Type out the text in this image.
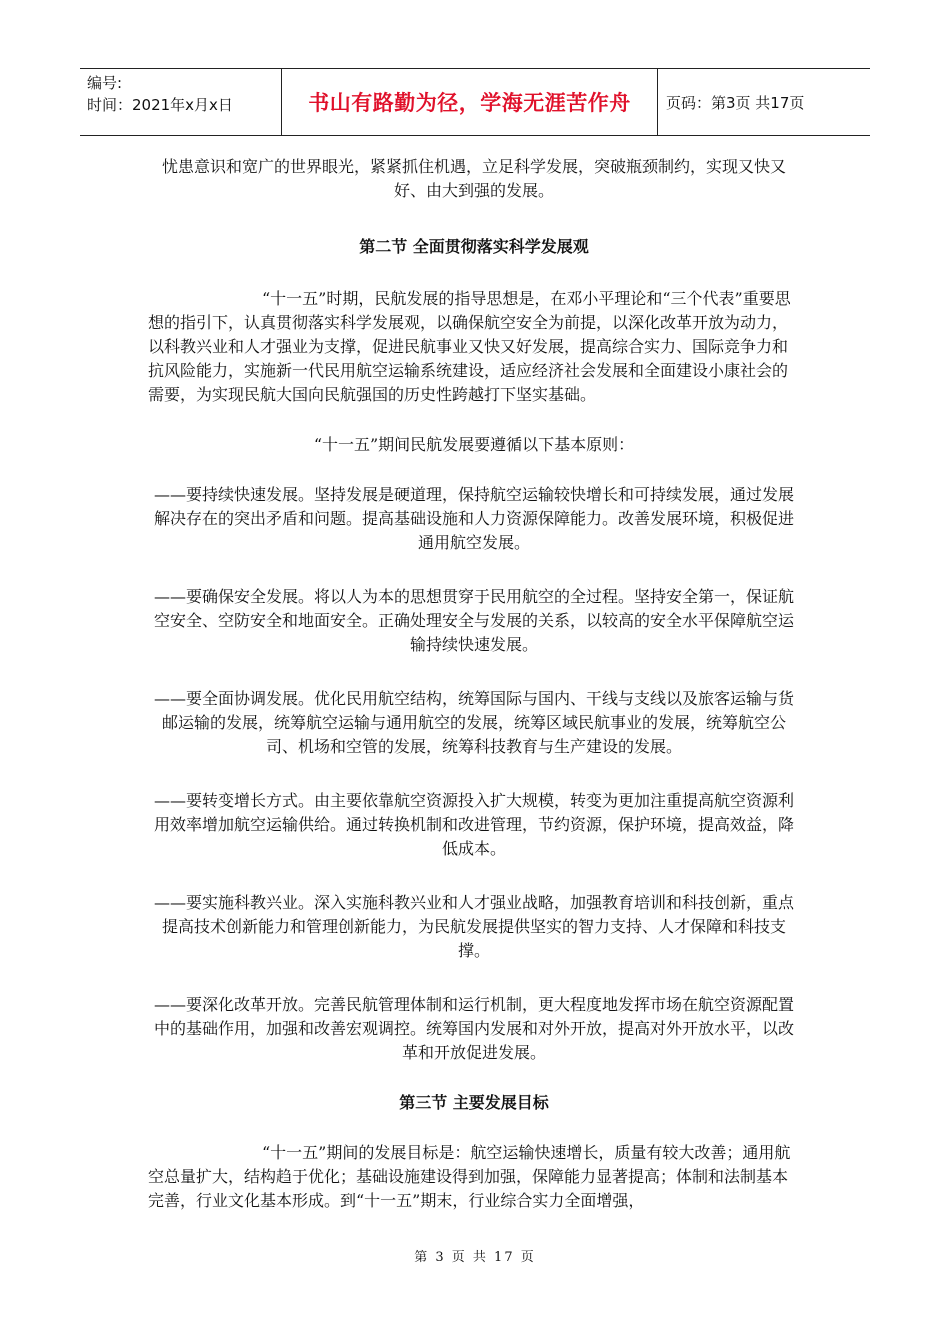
编号:
时间：2021年x月x日	书山有路勤为径，学海无涯苦作舟	页码：第3页 共17页

忧患意识和宽广的世界眼光，紧紧抓住机遇，立足科学发展，突破瓶颈制约，实现又快又好、由大到强的发展。

第二节 全面贯彻落实科学发展观

“十一五”时期，民航发展的指导思想是，在邓小平理论和“三个代表”重要思想的指引下，认真贯彻落实科学发展观，以确保航空安全为前提，以深化改革开放为动力，以科教兴业和人才强业为支撑，促进民航事业又快又好发展，提高综合实力、国际竞争力和抗风险能力，实施新一代民用航空运输系统建设，适应经济社会发展和全面建设小康社会的需要，为实现民航大国向民航强国的历史性跨越打下坚实基础。

“十一五”期间民航发展要遵循以下基本原则：

——要持续快速发展。坚持发展是硬道理，保持航空运输较快增长和可持续发展，通过发展解决存在的突出矛盾和问题。提高基础设施和人力资源保障能力。改善发展环境，积极促进通用航空发展。

——要确保安全发展。将以人为本的思想贯穿于民用航空的全过程。坚持安全第一，保证航空安全、空防安全和地面安全。正确处理安全与发展的关系，以较高的安全水平保障航空运输持续快速发展。

——要全面协调发展。优化民用航空结构，统筹国际与国内、干线与支线以及旅客运输与货邮运输的发展，统筹航空运输与通用航空的发展，统筹区域民航事业的发展，统筹航空公司、机场和空管的发展，统筹科技教育与生产建设的发展。

——要转变增长方式。由主要依靠航空资源投入扩大规模，转变为更加注重提高航空资源利用效率增加航空运输供给。通过转换机制和改进管理，节约资源，保护环境，提高效益，降低成本。

——要实施科教兴业。深入实施科教兴业和人才强业战略，加强教育培训和科技创新，重点提高技术创新能力和管理创新能力，为民航发展提供坚实的智力支持、人才保障和科技支撑。

——要深化改革开放。完善民航管理体制和运行机制，更大程度地发挥市场在航空资源配置中的基础作用，加强和改善宏观调控。统筹国内发展和对外开放，提高对外开放水平，以改革和开放促进发展。

第三节 主要发展目标

“十一五”期间的发展目标是：航空运输快速增长，质量有较大改善；通用航空总量扩大，结构趋于优化；基础设施建设得到加强，保障能力显著提高；体制和法制基本完善，行业文化基本形成。到“十一五”期末，行业综合实力全面增强，

第 3 页 共 17 页
